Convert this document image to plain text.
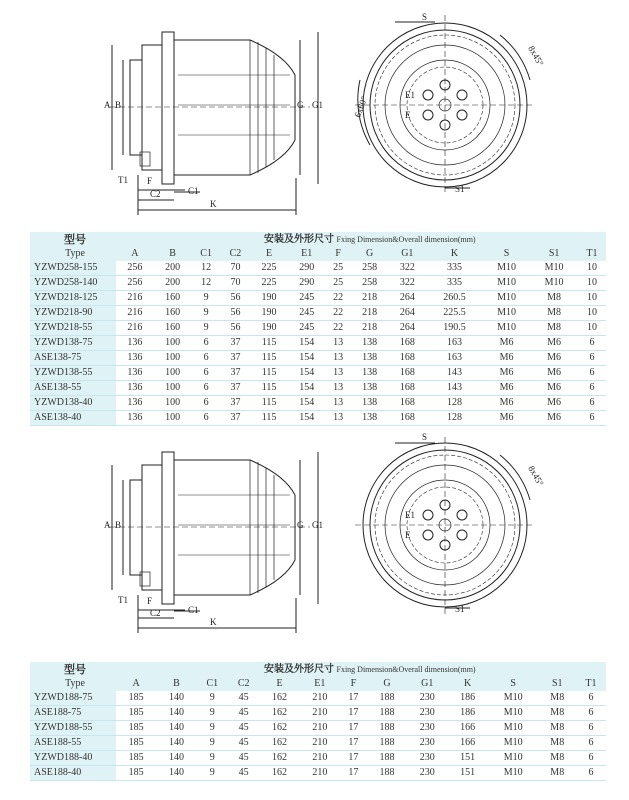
A B	G G1
T1 F
C2	C1
K
S
S1
E1
E
6x60°
8x45°
型号	安装及外形尺寸 Fxing Dimension&Overall dimension(mm)												
Type	A	B	C1	C2	E	E1	F	G	G1	K	S	S1	T1
YZWD258-155	256	200	12	70	225	290	25	258	322	335	M10	M10	10
YZWD258-140	256	200	12	70	225	290	25	258	322	335	M10	M10	10
YZWD218-125	216	160	9	56	190	245	22	218	264	260.5	M10	M8	10
YZWD218-90	216	160	9	56	190	245	22	218	264	225.5	M10	M8	10
YZWD218-55	216	160	9	56	190	245	22	218	264	190.5	M10	M8	10
YZWD138-75	136	100	6	37	115	154	13	138	168	163	M6	M6	6
ASE138-75	136	100	6	37	115	154	13	138	168	163	M6	M6	6
YZWD138-55	136	100	6	37	115	154	13	138	168	143	M6	M6	6
ASE138-55	136	100	6	37	115	154	13	138	168	143	M6	M6	6
YZWD138-40	136	100	6	37	115	154	13	138	168	128	M6	M6	6
ASE138-40	136	100	6	37	115	154	13	138	168	128	M6	M6	6
A B	G G1
T1 F
C2	C1
K
S
S1
E1
E
8x45°
型号	安装及外形尺寸 Fxing Dimension&Overall dimension(mm)												
Type	A	B	C1	C2	E	E1	F	G	G1	K	S	S1	T1
YZWD188-75	185	140	9	45	162	210	17	188	230	186	M10	M8	6
ASE188-75	185	140	9	45	162	210	17	188	230	186	M10	M8	6
YZWD188-55	185	140	9	45	162	210	17	188	230	166	M10	M8	6
ASE188-55	185	140	9	45	162	210	17	188	230	166	M10	M8	6
YZWD188-40	185	140	9	45	162	210	17	188	230	151	M10	M8	6
ASE188-40	185	140	9	45	162	210	17	188	230	151	M10	M8	6
